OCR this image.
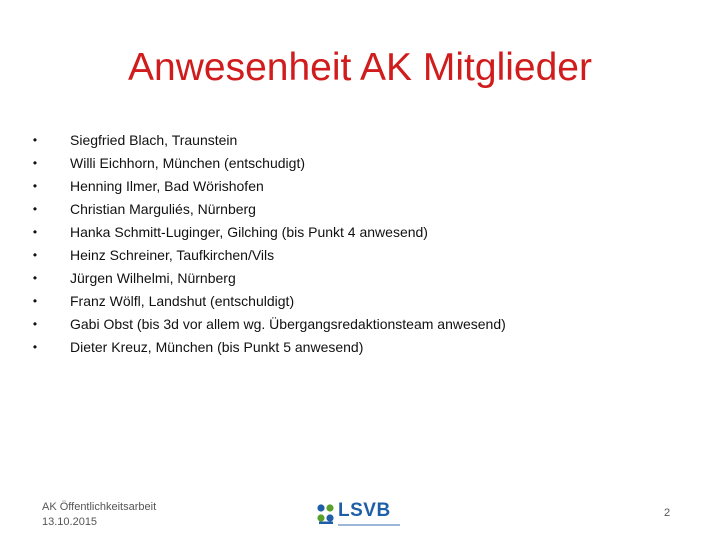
Anwesenheit AK Mitglieder
• Siegfried Blach, Traunstein
• Willi Eichhorn, München (entschudigt)
• Henning Ilmer, Bad Wörishofen
• Christian Marguliés, Nürnberg
• Hanka Schmitt-Luginger, Gilching (bis Punkt 4 anwesend)
• Heinz Schreiner, Taufkirchen/Vils
• Jürgen Wilhelmi, Nürnberg
• Franz Wölfl, Landshut (entschuldigt)
• Gabi Obst (bis 3d vor allem wg. Übergangsredaktionsteam anwesend)
• Dieter Kreuz, München (bis Punkt 5 anwesend)
AK Öffentlichkeitsarbeit
13.10.2015
LSVB	2
